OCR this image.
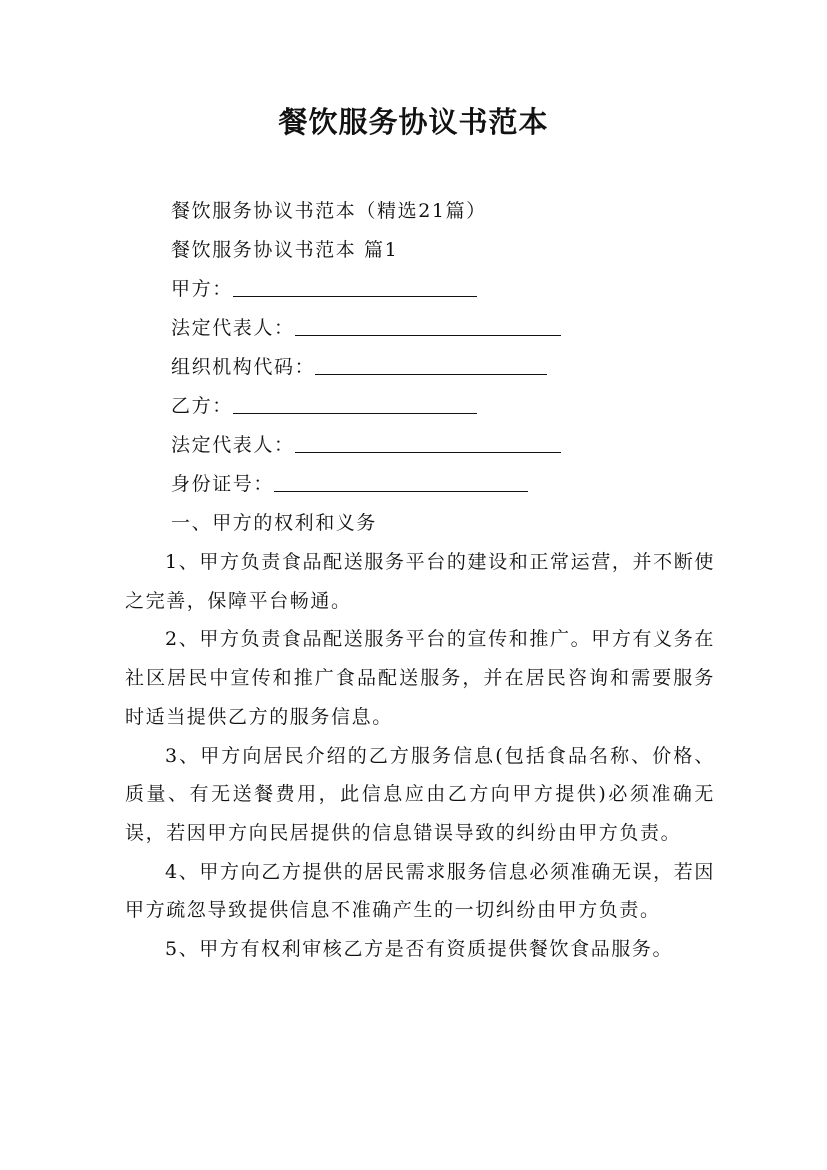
餐饮服务协议书范本
餐饮服务协议书范本（精选21篇）
餐饮服务协议书范本 篇1
甲方：
法定代表人：
组织机构代码：
乙方：
法定代表人：
身份证号：
一、甲方的权利和义务
1、甲方负责食品配送服务平台的建设和正常运营，并不断使之完善，保障平台畅通。
2、甲方负责食品配送服务平台的宣传和推广。甲方有义务在社区居民中宣传和推广食品配送服务，并在居民咨询和需要服务时适当提供乙方的服务信息。
3、甲方向居民介绍的乙方服务信息(包括食品名称、价格、质量、有无送餐费用，此信息应由乙方向甲方提供)必须准确无误，若因甲方向民居提供的信息错误导致的纠纷由甲方负责。
4、甲方向乙方提供的居民需求服务信息必须准确无误，若因甲方疏忽导致提供信息不准确产生的一切纠纷由甲方负责。
5、甲方有权利审核乙方是否有资质提供餐饮食品服务。
